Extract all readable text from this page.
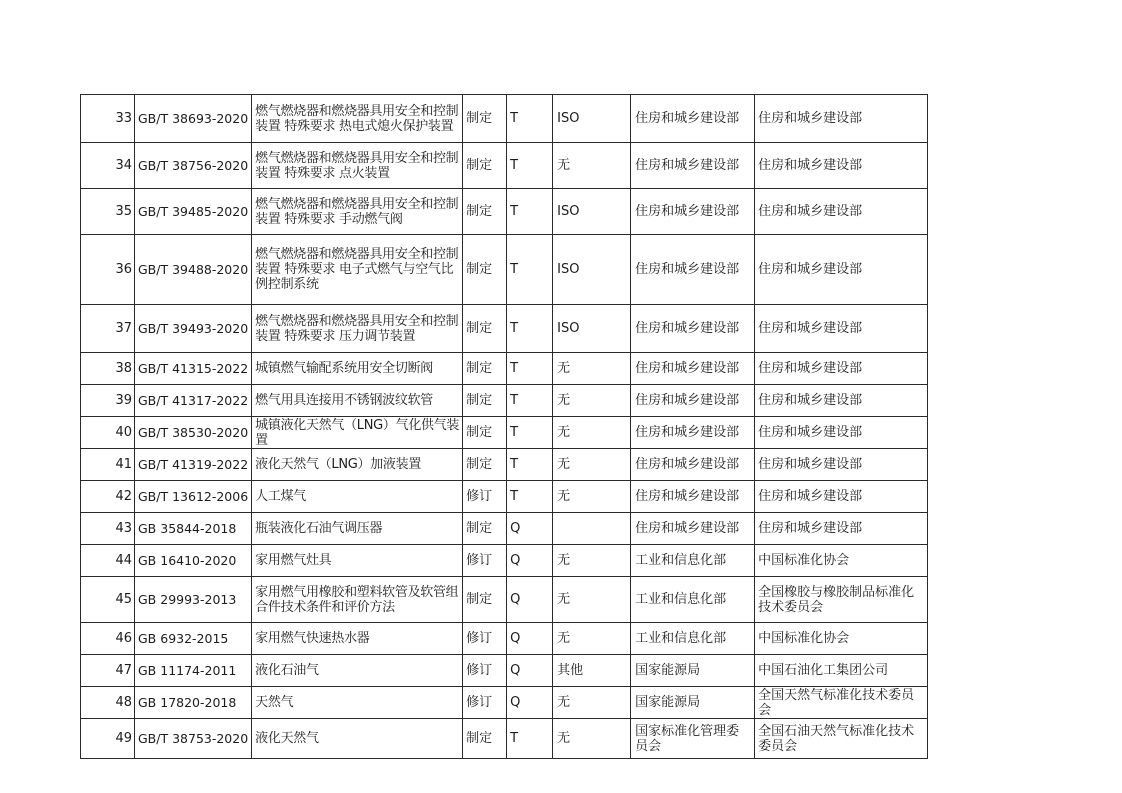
33	GB/T 38693-2020	燃气燃烧器和燃烧器具用安全和控制装置 特殊要求 热电式熄火保护装置	制定	T	ISO	住房和城乡建设部	住房和城乡建设部
34	GB/T 38756-2020	燃气燃烧器和燃烧器具用安全和控制装置 特殊要求 点火装置	制定	T	无	住房和城乡建设部	住房和城乡建设部
35	GB/T 39485-2020	燃气燃烧器和燃烧器具用安全和控制装置 特殊要求 手动燃气阀	制定	T	ISO	住房和城乡建设部	住房和城乡建设部
36	GB/T 39488-2020	燃气燃烧器和燃烧器具用安全和控制装置 特殊要求 电子式燃气与空气比例控制系统	制定	T	ISO	住房和城乡建设部	住房和城乡建设部
37	GB/T 39493-2020	燃气燃烧器和燃烧器具用安全和控制装置 特殊要求 压力调节装置	制定	T	ISO	住房和城乡建设部	住房和城乡建设部
38	GB/T 41315-2022	城镇燃气输配系统用安全切断阀	制定	T	无	住房和城乡建设部	住房和城乡建设部
39	GB/T 41317-2022	燃气用具连接用不锈钢波纹软管	制定	T	无	住房和城乡建设部	住房和城乡建设部
40	GB/T 38530-2020	城镇液化天然气（LNG）气化供气装置	制定	T	无	住房和城乡建设部	住房和城乡建设部
41	GB/T 41319-2022	液化天然气（LNG）加液装置	制定	T	无	住房和城乡建设部	住房和城乡建设部
42	GB/T 13612-2006	人工煤气	修订	T	无	住房和城乡建设部	住房和城乡建设部
43	GB 35844-2018	瓶装液化石油气调压器	制定	Q		住房和城乡建设部	住房和城乡建设部
44	GB 16410-2020	家用燃气灶具	修订	Q	无	工业和信息化部	中国标准化协会
45	GB 29993-2013	家用燃气用橡胶和塑料软管及软管组合件技术条件和评价方法	制定	Q	无	工业和信息化部	全国橡胶与橡胶制品标准化技术委员会
46	GB 6932-2015	家用燃气快速热水器	修订	Q	无	工业和信息化部	中国标准化协会
47	GB 11174-2011	液化石油气	修订	Q	其他	国家能源局	中国石油化工集团公司
48	GB 17820-2018	天然气	修订	Q	无	国家能源局	全国天然气标准化技术委员会
49	GB/T 38753-2020	液化天然气	制定	T	无	国家标准化管理委员会	全国石油天然气标准化技术委员会
